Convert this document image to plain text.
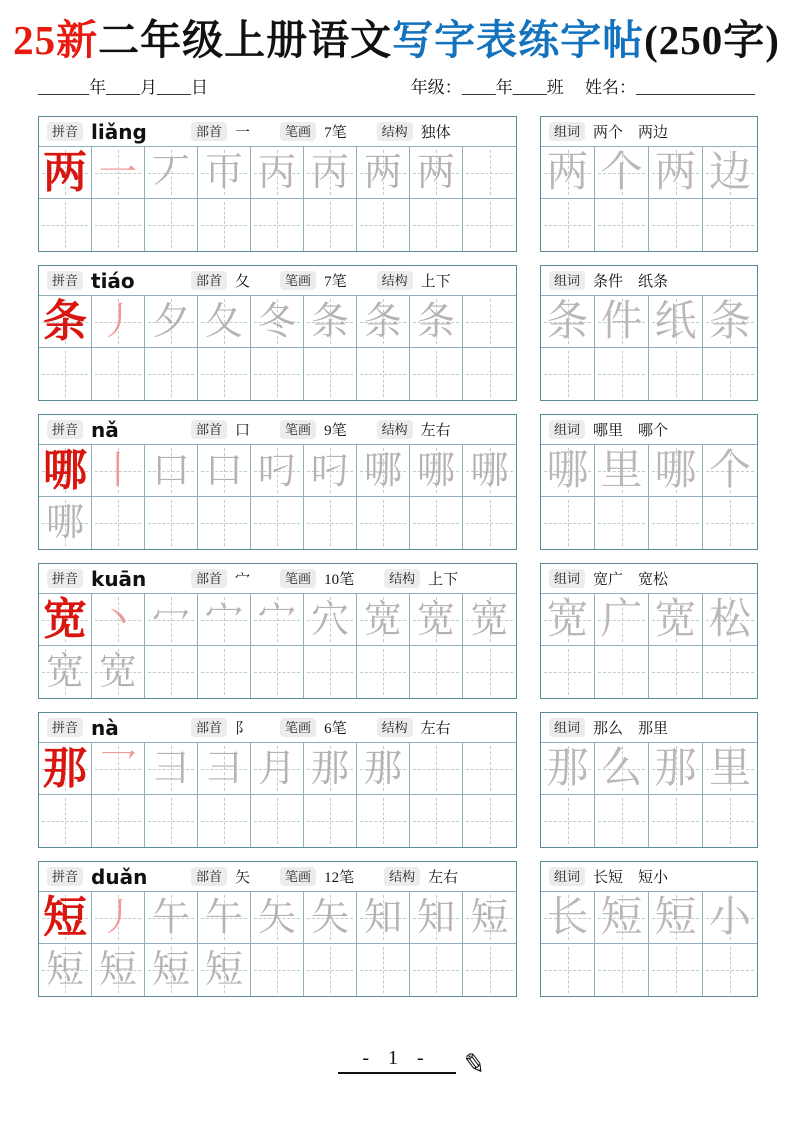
25新二年级上册语文写字表练字帖(250字)
______年____月____日	年级：____年____班　 姓名：______________
拼音 liǎng	部首 一	笔画 7笔	结构 独体
两 一 丆 帀 丙 丙 两 两
组词 两个　两边
两 个 两 边
拼音 tiáo	部首 夂	笔画 7笔	结构 上下
条 丿 夕 夂 冬 条 条 条
组词 条件　纸条
条 件 纸 条
拼音 nǎ	部首 口	笔画 9笔	结构 左右
哪 丨 口 口 叼 叼 哪 哪 哪
哪
组词 哪里　哪个
哪 里 哪 个
拼音 kuān	部首 宀	笔画 10笔	结构 上下
宽 丶 冖 宀 宀 穴 宽 宽 宽
宽 宽
组词 宽广　宽松
宽 广 宽 松
拼音 nà	部首 阝	笔画 6笔	结构 左右
那 乛 彐 彐 月 那 那
组词 那么　那里
那 么 那 里
拼音 duǎn	部首 矢	笔画 12笔	结构 左右
短 丿 午 午 矢 矢 知 知 短
短 短 短 短
组词 长短　短小
长 短 短 小
- 1 -	✎
